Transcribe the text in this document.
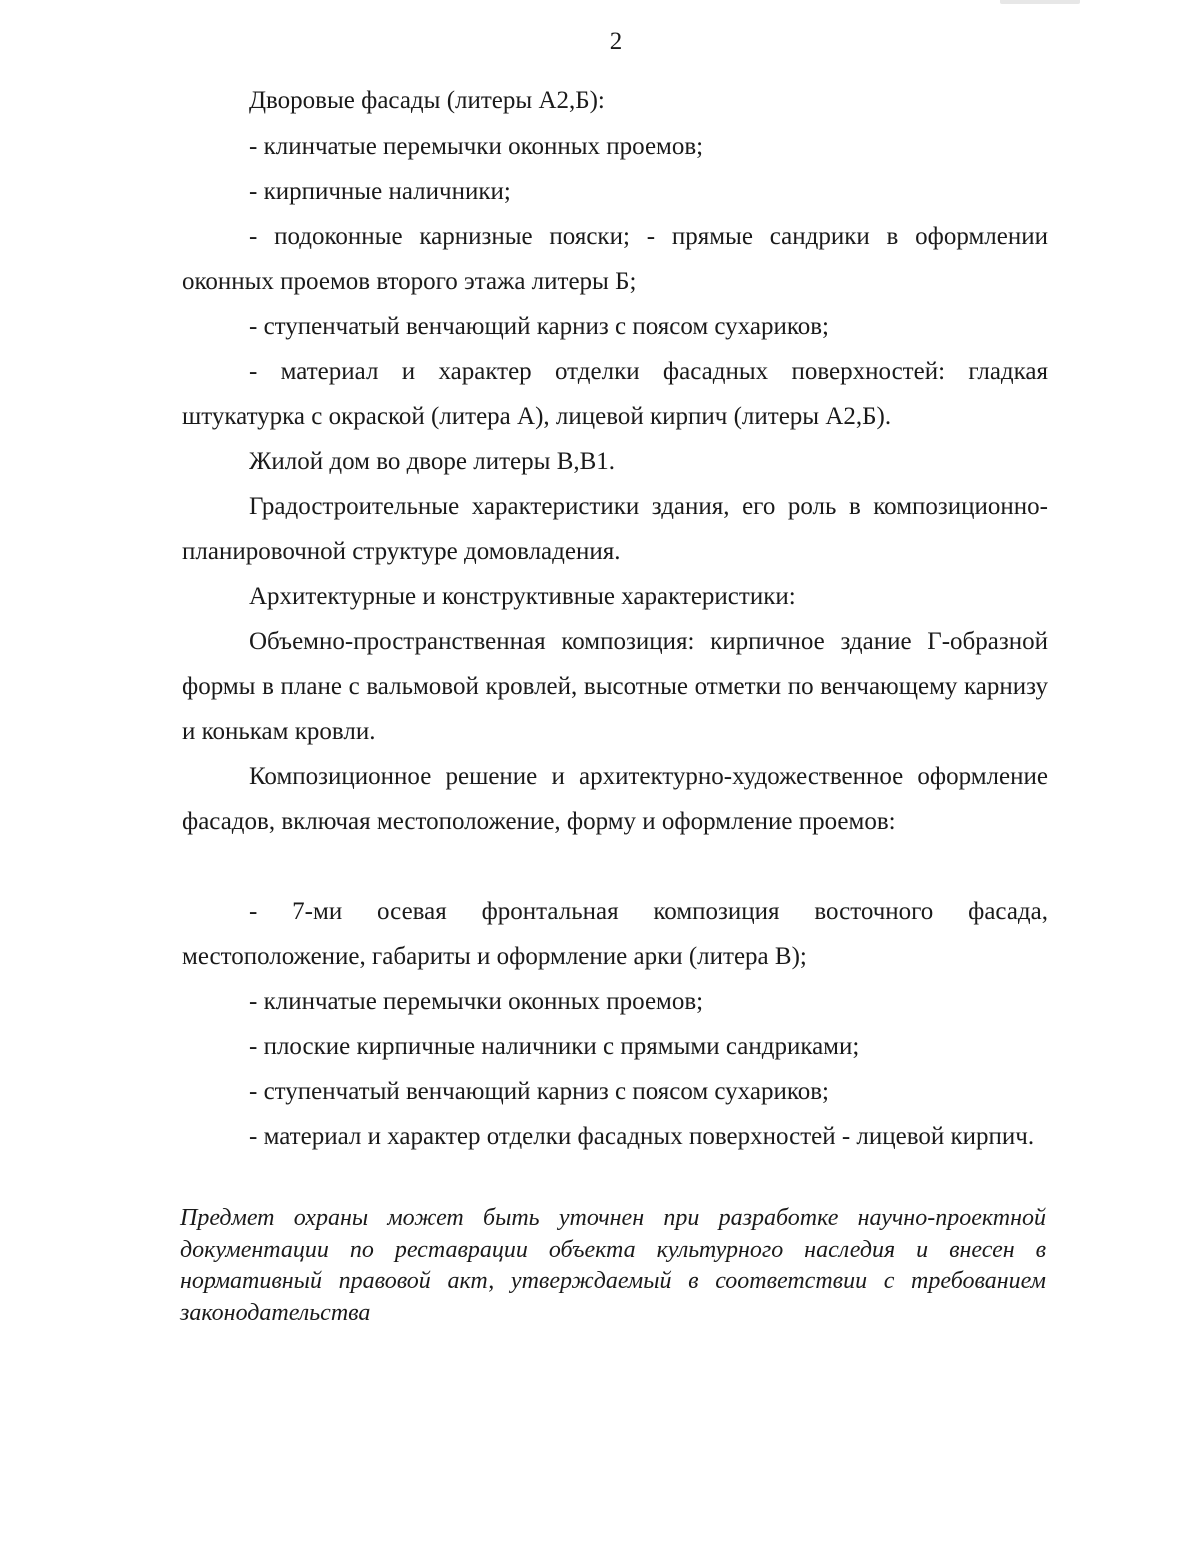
2

Дворовые фасады (литеры А2,Б):

- клинчатые перемычки оконных проемов;

- кирпичные наличники;

- подоконные карнизные пояски; - прямые сандрики в оформлении оконных проемов второго этажа литеры Б;

- ступенчатый венчающий карниз с поясом сухариков;

- материал и характер отделки фасадных поверхностей: гладкая штукатурка с окраской (литера А), лицевой кирпич (литеры А2,Б).

Жилой дом во дворе литеры В,В1.

Градостроительные характеристики здания, его роль в композиционно-планировочной структуре домовладения.

Архитектурные и конструктивные характеристики:

Объемно-пространственная композиция: кирпичное здание Г-образной формы в плане с вальмовой кровлей, высотные отметки по венчающему карнизу и конькам кровли.

Композиционное решение и архитектурно-художественное оформление фасадов, включая местоположение, форму и оформление проемов:

- 7-ми осевая фронтальная композиция восточного фасада, местоположение, габариты и оформление арки (литера В);

- клинчатые перемычки оконных проемов;

- плоские кирпичные наличники с прямыми сандриками;

- ступенчатый венчающий карниз с поясом сухариков;

- материал и характер отделки фасадных поверхностей - лицевой кирпич.

Предмет охраны может быть уточнен при разработке научно-проектной документации по реставрации объекта культурного наследия и внесен в нормативный правовой акт, утверждаемый в соответствии с требованием законодательства
